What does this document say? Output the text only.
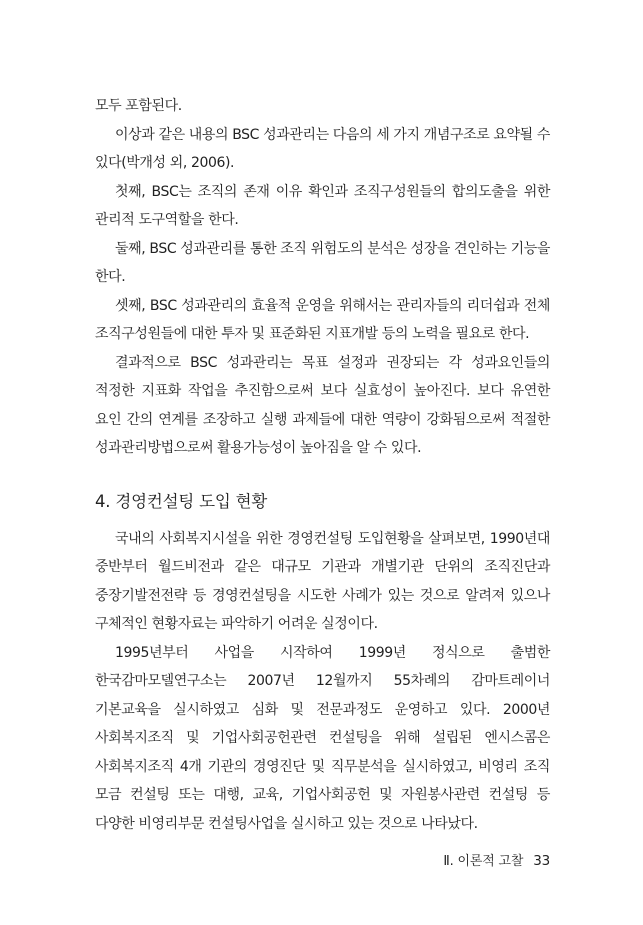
모두 포함된다.

이상과 같은 내용의 BSC 성과관리는 다음의 세 가지 개념구조로 요약될 수 있다(박개성 외, 2006).

첫째, BSC는 조직의 존재 이유 확인과 조직구성원들의 합의도출을 위한 관리적 도구역할을 한다.

둘째, BSC 성과관리를 통한 조직 위험도의 분석은 성장을 견인하는 기능을 한다.

셋째, BSC 성과관리의 효율적 운영을 위해서는 관리자들의 리더쉽과 전체 조직구성원들에 대한 투자 및 표준화된 지표개발 등의 노력을 필요로 한다.

결과적으로 BSC 성과관리는 목표 설정과 권장되는 각 성과요인들의 적정한 지표화 작업을 추진함으로써 보다 실효성이 높아진다. 보다 유연한 요인 간의 연계를 조장하고 실행 과제들에 대한 역량이 강화됨으로써 적절한 성과관리방법으로써 활용가능성이 높아짐을 알 수 있다.

4. 경영컨설팅 도입 현황

국내의 사회복지시설을 위한 경영컨설팅 도입현황을 살펴보면, 1990년대 중반부터 월드비전과 같은 대규모 기관과 개별기관 단위의 조직진단과 중장기발전전략 등 경영컨설팅을 시도한 사례가 있는 것으로 알려져 있으나 구체적인 현황자료는 파악하기 어려운 실정이다.

1995년부터 사업을 시작하여 1999년 정식으로 출범한 한국감마모델연구소는 2007년 12월까지 55차례의 감마트레이너 기본교육을 실시하였고 심화 및 전문과정도 운영하고 있다. 2000년 사회복지조직 및 기업사회공헌관련 컨설팅을 위해 설립된 엔시스콤은 사회복지조직 4개 기관의 경영진단 및 직무분석을 실시하였고, 비영리 조직 모금 컨설팅 또는 대행, 교육, 기업사회공헌 및 자원봉사관련 컨설팅 등 다양한 비영리부문 컨설팅사업을 실시하고 있는 것으로 나타났다.

Ⅱ. 이론적 고찰 33
